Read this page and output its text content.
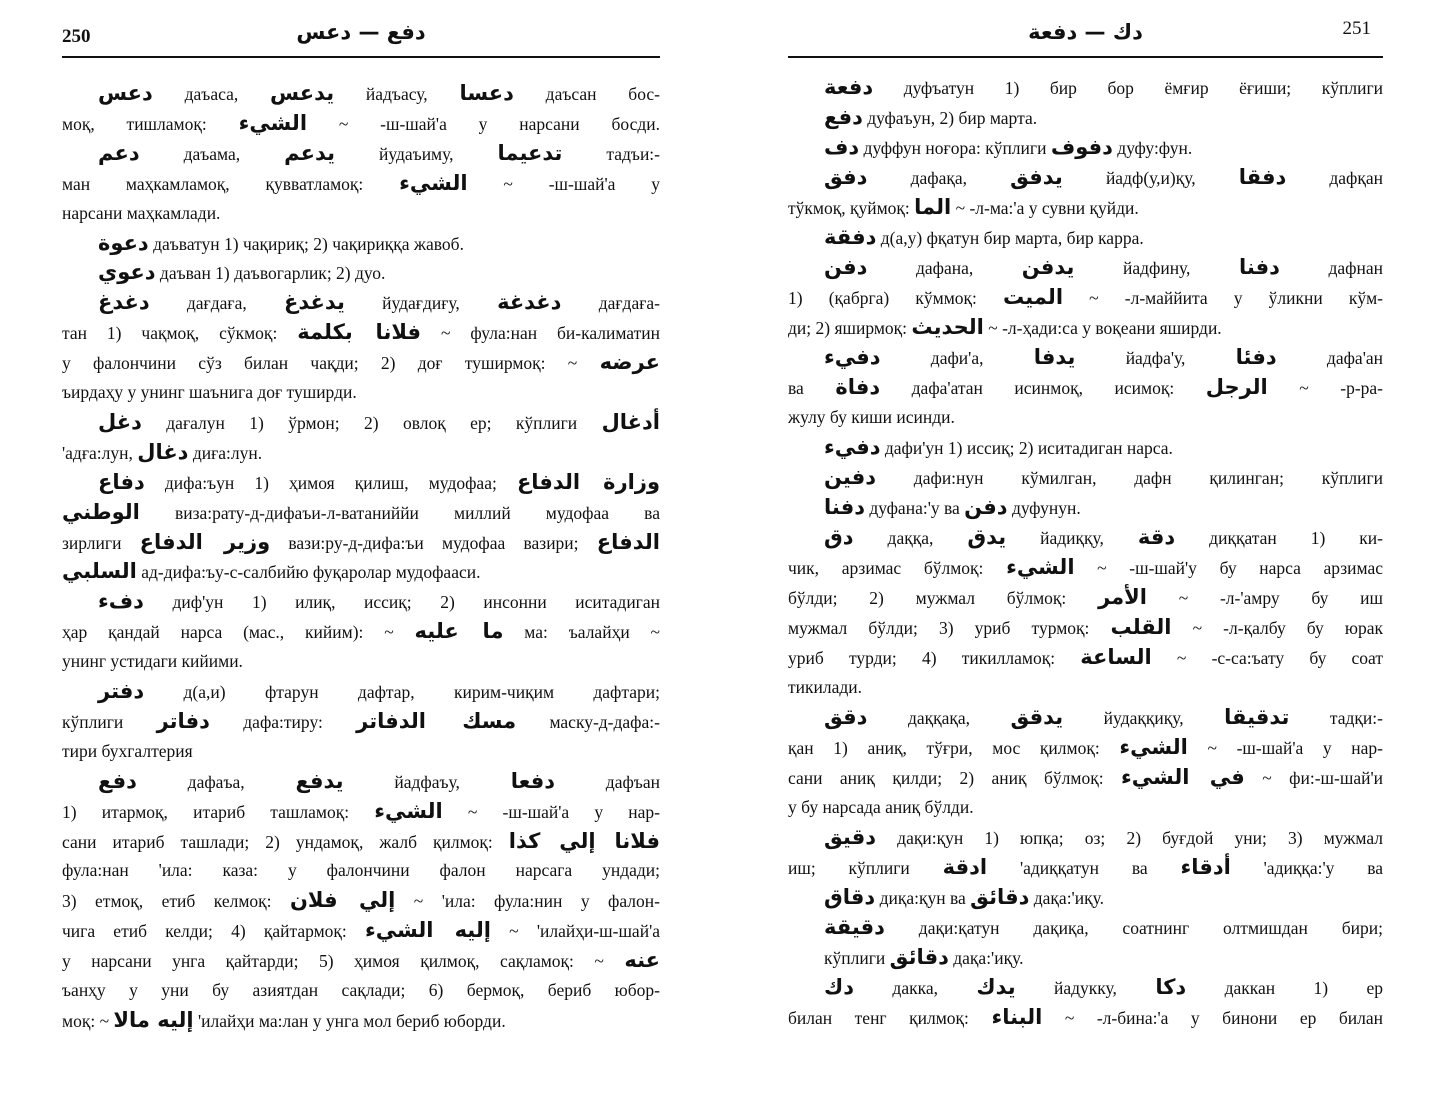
250	دفع — دعس
دعس даъаса, يدعس йадъасу, دعسا даъсан бос-
моқ, тишламоқ: الشيء ~ -ш-шай'а у нарсани босди.
دعم даъама, يدعم йудаъиму, تدعيما тадъи:-
ман маҳкамламоқ, қувватламоқ: الشيء ~ -ш-шай'а у
нарсани маҳкамлади.
دعوة даъватун 1) чақириқ; 2) чақириққа жавоб.
دعوي даъван 1) даъвогарлик; 2) дуо.
دغدغ дағдаға, يدغدغ йудағдиғу, دغدغة дағдаға-
тан 1) чақмоқ, сўкмоқ: فلانا بكلمة ~ фула:нан би-калиматин
у фалончини сўз билан чақди; 2) доғ туширмоқ: ~ عرضه
ъирдаҳу у унинг шаънига доғ туширди.
دغل дағалун 1) ўрмон; 2) овлоқ ер; кўплиги أدغال
'адға:лун, دغال диға:лун.
دفاع дифа:ъун 1) ҳимоя қилиш, мудофаа; وزارة الدفاع
الوطني виза:рату-д-дифаъи-л-ватаниййи миллий мудофаа ва
зирлиги وزير الدفاع вази:ру-д-дифа:ъи мудофаа вазири; الدفاع
السلبي ад-дифа:ъу-с-салбийю фуқаролар мудофааси.
دفء диф'ун 1) илиқ, иссиқ; 2) инсонни иситадиган
ҳар қандай нарса (мас., кийим): ~ ما عليه ма: ъалайҳи ~
унинг устидаги кийими.
دفتر д(а,и) фтарун дафтар, кирим-чиқим дафтари;
кўплиги دفاتر дафа:тиру: مسك الدفاتر маску-д-дафа:-
тири бухгалтерия
دفع дафаъа, يدفع йадфаъу, دفعا дафъан
1) итармоқ, итариб ташламоқ: الشيء ~ -ш-шай'а у нар-
сани итариб ташлади; 2) ундамоқ, жалб қилмоқ: فلانا إلي كذا
фула:нан 'ила: каза: у фалончини фалон нарсага ундади;
3) етмоқ, етиб келмоқ: إلي فلان ~ 'ила: фула:нин у фалон-
чига етиб келди; 4) қайтармоқ: إليه الشيء ~ 'илайҳи-ш-шай'а
у нарсани унга қайтарди; 5) ҳимоя қилмоқ, сақламоқ: ~ عنه
ъанҳу у уни бу азиятдан сақлади; 6) бермоқ, бериб юбор-
моқ: ~ إليه مالا 'илайҳи ма:лан у унга мол бериб юборди.
251
دك — دفعة
دفعة дуфъатун 1) бир бор ёмғир ёғиши; кўплиги
دفع дуфаъун, 2) бир марта.
دف дуффун ноғора: кўплиги دفوف дуфу:фун.
دفق дафақа, يدفق йадф(у,и)қу, دفقا дафқан
тўкмоқ, қуймоқ: الما ~ -л-ма:'а у сувни қуйди.
دفقة д(а,у) фқатун бир марта, бир карра.
دفن дафана, يدفن йадфину, دفنا дафнан
1) (қабрга) кўммоқ: الميت ~ -л-маййита у ўликни кўм-
ди; 2) яширмоқ: الحديث ~ -л-ҳади:са у воқеани яширди.
دفيء дафи'а, يدفا йадфа'у, دفئا дафа'ан
ва دفاة дафа'атан исинмоқ, исимоқ: الرجل ~ -р-ра-
жулу бу киши исинди.
دفيء дафи'ун 1) иссиқ; 2) иситадиган нарса.
دفين дафи:нун кўмилган, дафн қилинган; кўплиги
دفنا дуфана:'у ва دفن дуфунун.
دق даққа, يدق йадиққу, دقة диққатан 1) ки-
чик, арзимас бўлмоқ: الشيء ~ -ш-шай'у бу нарса арзимас
бўлди; 2) мужмал бўлмоқ: الأمر ~ -л-'амру бу иш
мужмал бўлди; 3) уриб турмоқ: القلب ~ -л-қалбу бу юрак
уриб турди; 4) тикилламоқ: الساعة ~ -с-са:ъату бу соат
тикилади.
دقق даққақа, يدقق йудаққиқу, تدقيقا тадқи:-
қан 1) аниқ, тўғри, мос қилмоқ: الشيء ~ -ш-шай'а у нар-
сани аниқ қилди; 2) аниқ бўлмоқ: في الشيء ~ фи:-ш-шай'и
у бу нарсада аниқ бўлди.
دقيق дақи:қун 1) юпқа; оз; 2) буғдой уни; 3) мужмал
иш; кўплиги ادقة 'адиққатун ва أدقاء 'адиққа:'у ва
دقاق диқа:қун ва دقائق дақа:'иқу.
دقيقة дақи:қатун дақиқа, соатнинг олтмишдан бири;
кўплиги دقائق дақа:'иқу.
دك дакка, يدك йадукку, دكا даккан 1) ер
билан тенг қилмоқ: البناء ~ -л-бина:'а у бинони ер билан
